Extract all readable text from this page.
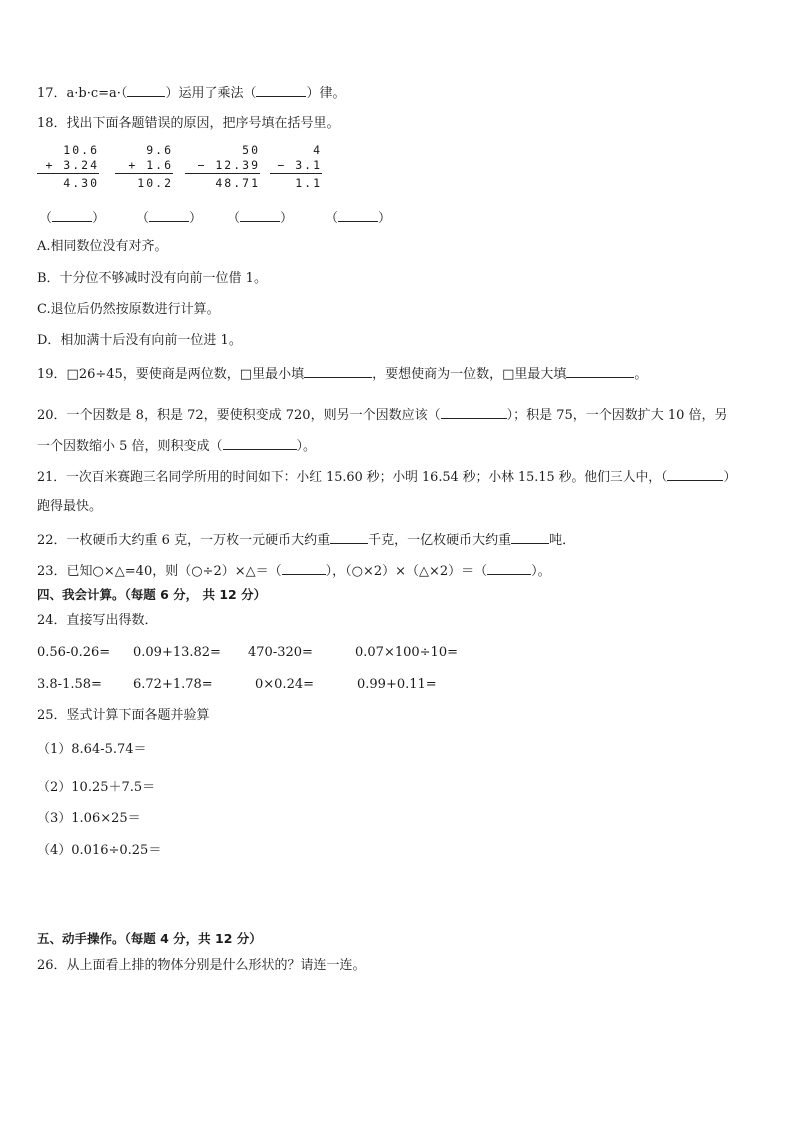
17．a·b·c=a·（	）运用了乘法（	）律。
18．找出下面各题错误的原因，把序号填在括号里。
10.6
+ 3.24
4.30
9.6
+ 1.6
10.2
50
− 12.39
48.71
4
− 3.1
1.1
（	） （	） （	） （	）
A.相同数位没有对齐。
B．十分位不够减时没有向前一位借 1。
C.退位后仍然按原数进行计算。
D．相加满十后没有向前一位进 1。
19．□26÷45，要使商是两位数，□里最小填	，要想使商为一位数，□里最大填	。
20．一个因数是 8，积是 72，要使积变成 720，则另一个因数应该（	）；积是 75，一个因数扩大 10 倍，另
一个因数缩小 5 倍，则积变成（	）。
21．一次百米赛跑三名同学所用的时间如下：小红 15.60 秒；小明 16.54 秒；小林 15.15 秒。他们三人中，（	）
跑得最快。
22．一枚硬币大约重 6 克，一万枚一元硬币大约重	千克，一亿枚硬币大约重	吨．
23．已知○×△=40，则（○÷2）×△＝（	），（○×2）×（△×2）＝（	）。
四、我会计算。（每题 6 分， 共 12 分）
24．直接写出得数．
0.56-0.26= 0.09+13.82= 470-320=	0.07×100÷10=
3.8-1.58= 6.72+1.78=	0×0.24=	0.99+0.11=
25．竖式计算下面各题并验算
（1）8.64-5.74＝
（2）10.25＋7.5＝
（3）1.06×25＝
（4）0.016÷0.25＝
五、动手操作。（每题 4 分，共 12 分）
26．从上面看上排的物体分别是什么形状的？请连一连。
